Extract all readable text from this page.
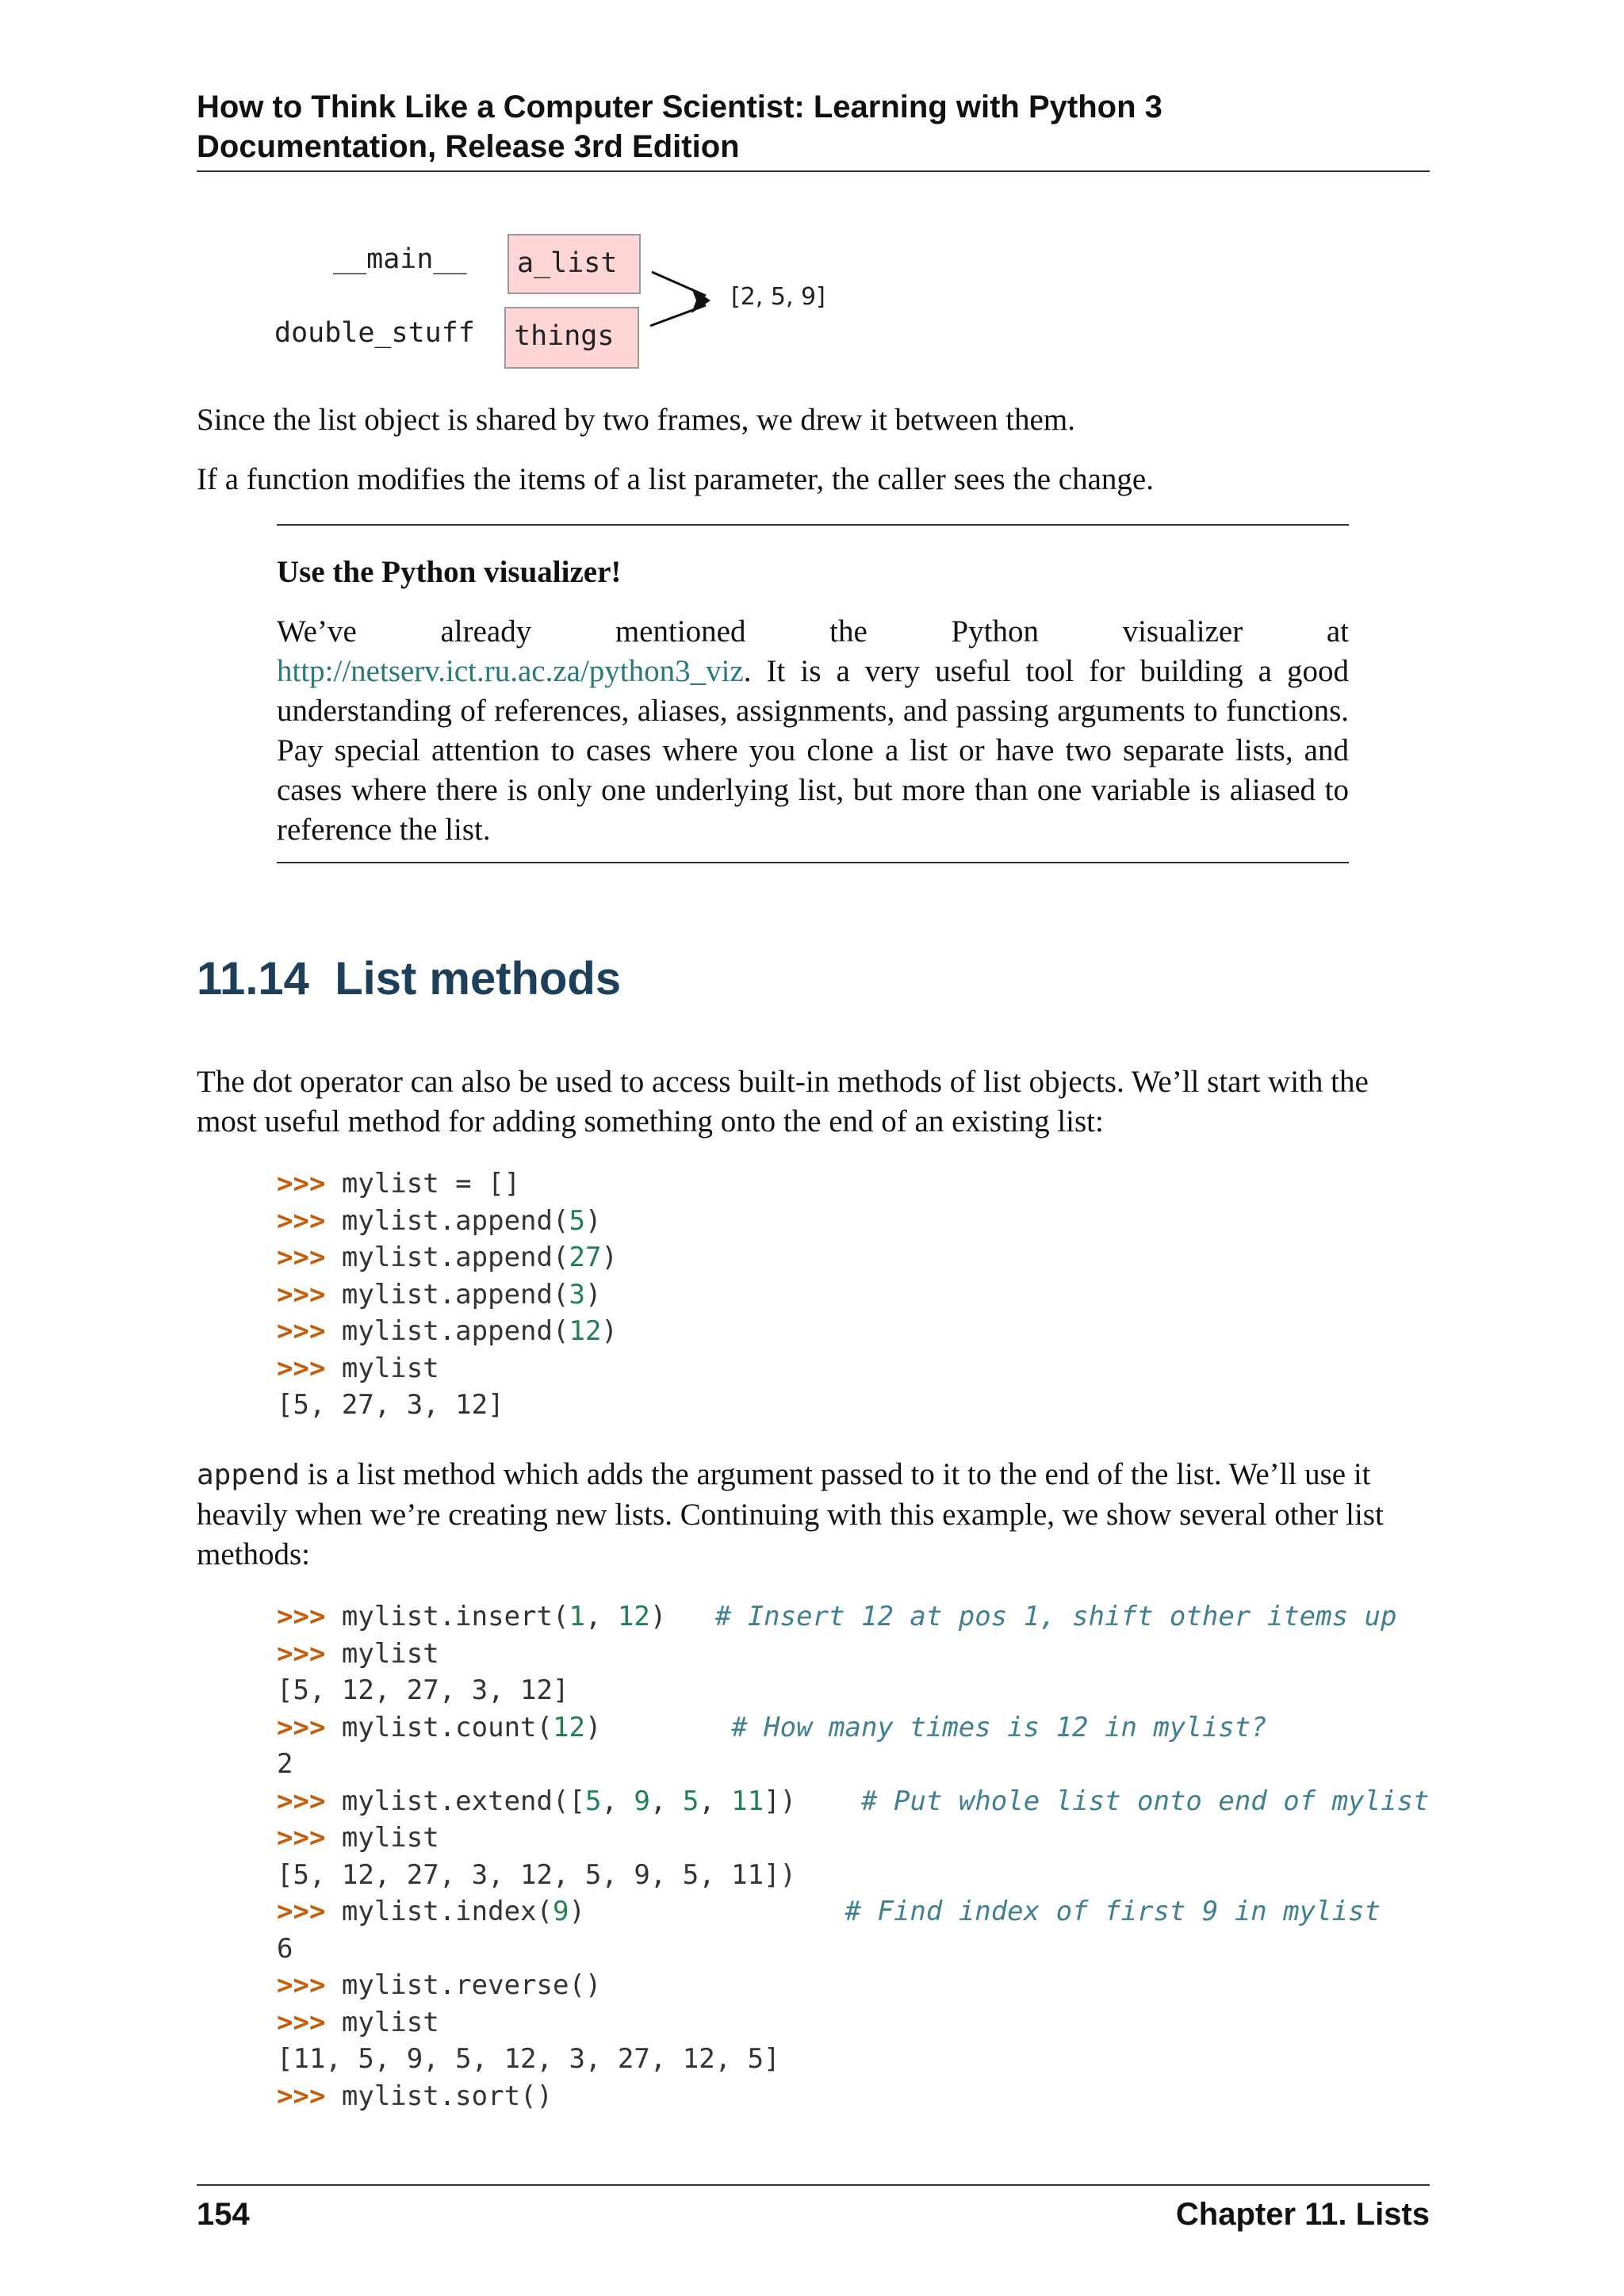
How to Think Like a Computer Scientist: Learning with Python 3
Documentation, Release 3rd Edition
__main__
double_stuff
a_list
things
[2, 5, 9]

Since the list object is shared by two frames, we drew it between them.

If a function modifies the items of a list parameter, the caller sees the change.

Use the Python visualizer!

We’ve already mentioned the Python visualizer at http://netserv.ict.ru.ac.za/python3_viz. It is a very useful tool for building a good understanding of references, aliases, assignments, and passing arguments to functions. Pay special attention to cases where you clone a list or have two separate lists, and cases where there is only one underlying list, but more than one variable is aliased to reference the list.

11.14 List methods

The dot operator can also be used to access built-in methods of list objects. We’ll start with the most useful method for adding something onto the end of an existing list:

>>> mylist = []
>>> mylist.append(5)
>>> mylist.append(27)
>>> mylist.append(3)
>>> mylist.append(12)
>>> mylist
[5, 27, 3, 12]

append is a list method which adds the argument passed to it to the end of the list. We’ll use it heavily when we’re creating new lists. Continuing with this example, we show several other list methods:

>>> mylist.insert(1, 12)   # Insert 12 at pos 1, shift other items up
>>> mylist
[5, 12, 27, 3, 12]
>>> mylist.count(12)        # How many times is 12 in mylist?
2
>>> mylist.extend([5, 9, 5, 11])    # Put whole list onto end of mylist
>>> mylist
[5, 12, 27, 3, 12, 5, 9, 5, 11])
>>> mylist.index(9)                # Find index of first 9 in mylist
6
>>> mylist.reverse()
>>> mylist
[11, 5, 9, 5, 12, 3, 27, 12, 5]
>>> mylist.sort()
154	Chapter 11. Lists
